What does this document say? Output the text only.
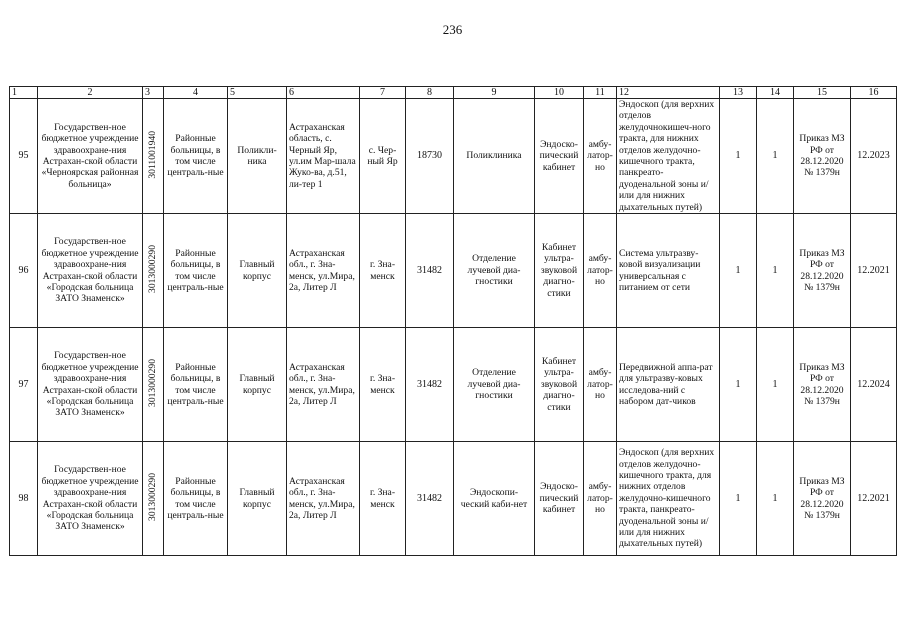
236
1	2	3	4	5	6	7	8	9	10	11	12	13	14	15	16
95	Государствен-ное бюджетное учреждение здравоохране-ния Астрахан-ской области «Черноярская районная больница»	3011001940	Районные больницы, в том числе централь-ные	Поликли-ника	Астраханская область, с. Черный Яр, ул.им Мар-шала Жуко-ва, д.51, ли-тер 1	с. Чер-ный Яр	18730	Поликлиника	Эндоско-пический кабинет	амбу-латор-но	Эндоскоп (для верхних отделов желудочнокишеч-ного тракта, для нижних отделов желудочно-кишечного тракта, панкреато-дуоденальной зоны и/или для нижних дыхательных путей)	1	1	Приказ МЗ РФ от 28.12.2020 № 1379н	12.2023
96	Государствен-ное бюджетное учреждение здравоохране-ния Астрахан-ской области «Городская больница ЗАТО Знаменск»	3013000290	Районные больницы, в том числе централь-ные	Главный корпус	Астраханская обл., г. Зна-менск, ул.Мира, 2а, Литер Л	г. Зна-менск	31482	Отделение лучевой диа-гностики	Кабинет ультра-звуковой диагно-стики	амбу-латор-но	Система ультразву-ковой визуализации универсальная с питанием от сети	1	1	Приказ МЗ РФ от 28.12.2020 № 1379н	12.2021
97	Государствен-ное бюджетное учреждение здравоохране-ния Астрахан-ской области «Городская больница ЗАТО Знаменск»	3013000290	Районные больницы, в том числе централь-ные	Главный корпус	Астраханская обл., г. Зна-менск, ул.Мира, 2а, Литер Л	г. Зна-менск	31482	Отделение лучевой диа-гностики	Кабинет ультра-звуковой диагно-стики	амбу-латор-но	Передвижной аппа-рат для ультразву-ковых исследова-ний с набором дат-чиков	1	1	Приказ МЗ РФ от 28.12.2020 № 1379н	12.2024
98	Государствен-ное бюджетное учреждение здравоохране-ния Астрахан-ской области «Городская больница ЗАТО Знаменск»	3013000290	Районные больницы, в том числе централь-ные	Главный корпус	Астраханская обл., г. Зна-менск, ул.Мира, 2а, Литер Л	г. Зна-менск	31482	Эндоскопи-ческий каби-нет	Эндоско-пический кабинет	амбу-латор-но	Эндоскоп (для верхних отделов желудочно-кишечного тракта, для нижних отделов желудочно-кишечного тракта, панкреато-дуоденальной зоны и/или для нижних дыхательных путей)	1	1	Приказ МЗ РФ от 28.12.2020 № 1379н	12.2021
